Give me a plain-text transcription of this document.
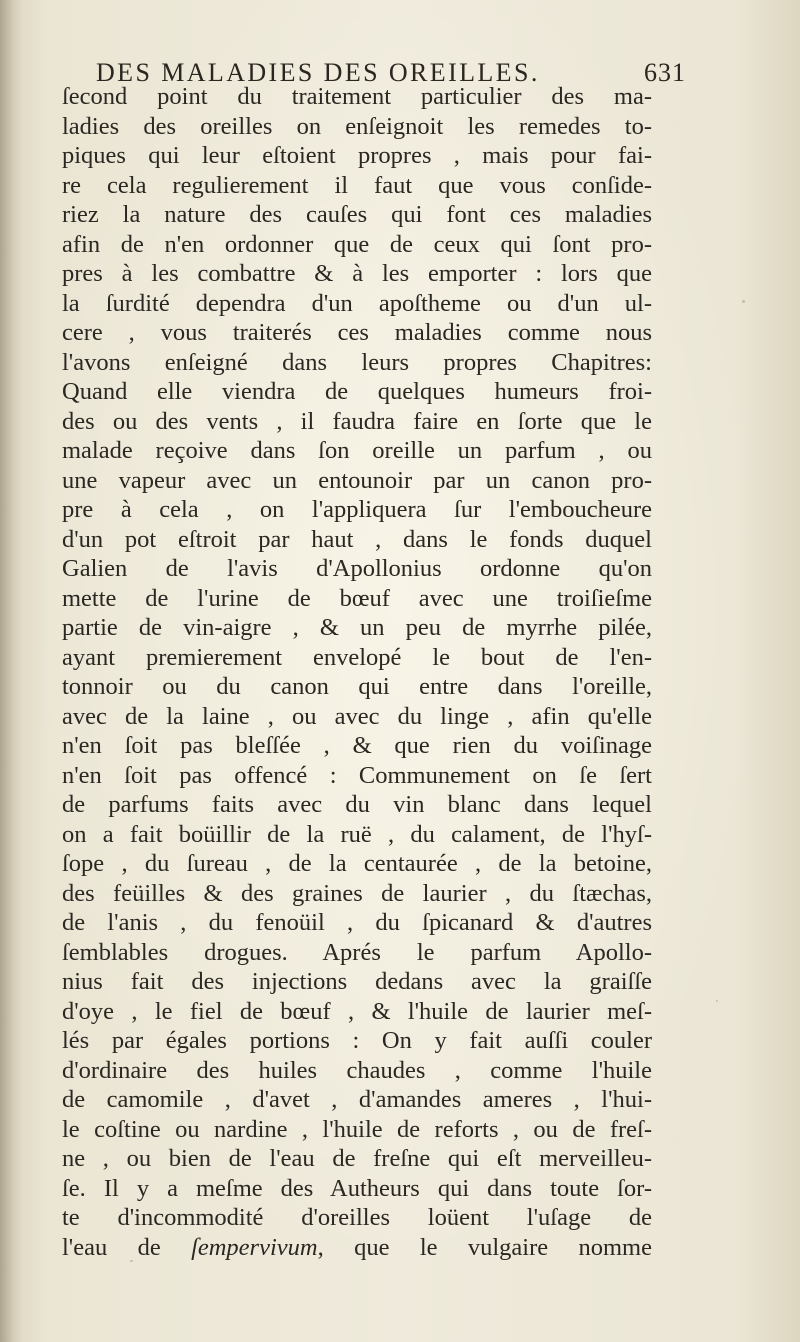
DES MALADIES DES OREILLES.	631
ſecond point du traitement particulier des ma-
ladies des oreilles on enſeignoit les remedes to-
piques qui leur eſtoient propres , mais pour fai-
re cela regulierement il faut que vous conſide-
riez la nature des cauſes qui font ces maladies
afin de n'en ordonner que de ceux qui ſont pro-
pres à les combattre & à les emporter : lors que
la ſurdité dependra d'un apoſtheme ou d'un ul-
cere , vous traiterés ces maladies comme nous
l'avons enſeigné dans leurs propres Chapitres:
Quand elle viendra de quelques humeurs froi-
des ou des vents , il faudra faire en ſorte que le
malade reçoive dans ſon oreille un parfum , ou
une vapeur avec un entounoir par un canon pro-
pre à cela , on l'appliquera ſur l'embouchеure
d'un pot eſtroit par haut , dans le fonds duquel
Galien de l'avis d'Apollonius ordonne qu'on
mette de l'urine de bœuf avec une troiſieſme
partie de vin-aigre , & un peu de myrrhe pilée,
ayant premierement envelopé le bout de l'en-
tonnoir ou du canon qui entre dans l'oreille,
avec de la laine , ou avec du linge , afin qu'elle
n'en ſoit pas bleſſée , & que rien du voiſinage
n'en ſoit pas offencé : Communement on ſe ſert
de parfums faits avec du vin blanc dans lequel
on a fait boüillir de la ruë , du calament, de l'hyſ-
ſope , du ſureau , de la centaurée , de la betoine,
des feüilles & des graines de laurier , du ſtæchas,
de l'anis , du fenoüil , du ſpicanard & d'autres
ſemblables drogues. Aprés le parfum Apollo-
nius fait des injections dedans avec la graiſſe
d'oye , le fiel de bœuf , & l'huile de laurier meſ-
lés par égales portions : On y fait auſſi couler
d'ordinaire des huiles chaudes , comme l'huile
de camomile , d'avet , d'amandes ameres , l'hui-
le coſtine ou nardine , l'huile de reforts , ou de freſ-
ne , ou bien de l'eau de freſne qui eſt merveilleu-
ſe. Il y a meſme des Autheurs qui dans toute ſor-
te d'incommodité d'oreilles loüent l'uſage de
l'eau de ſempervivum, que le vulgaire nomme
